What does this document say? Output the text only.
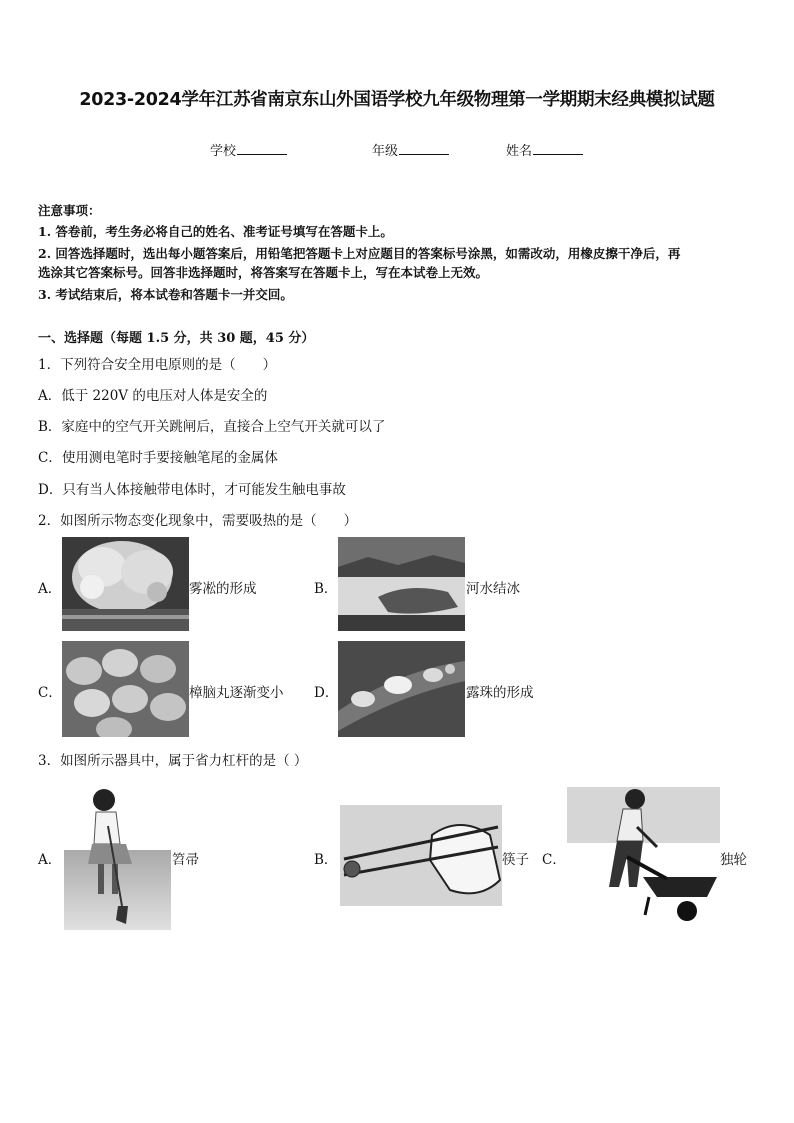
2023-2024学年江苏省南京东山外国语学校九年级物理第一学期期末经典模拟试题
学校	年级	姓名
注意事项：
1. 答卷前，考生务必将自己的姓名、准考证号填写在答题卡上。
2. 回答选择题时，选出每小题答案后，用铅笔把答题卡上对应题目的答案标号涂黑，如需改动，用橡皮擦干净后，再
选涂其它答案标号。回答非选择题时，将答案写在答题卡上，写在本试卷上无效。
3. 考试结束后，将本试卷和答题卡一并交回。
一、选择题（每题 1.5 分，共 30 题，45 分）
1．下列符合安全用电原则的是（　　）
A．低于 220V 的电压对人体是安全的
B．家庭中的空气开关跳闸后，直接合上空气开关就可以了
C．使用测电笔时手要接触笔尾的金属体
D．只有当人体接触带电体时，才可能发生触电事故
2．如图所示物态变化现象中，需要吸热的是（　　）
A．	雾凇的形成	B．	河水结冰
C．	樟脑丸逐渐变小 D．	露珠的形成
3．如图所示器具中，属于省力杠杆的是（ ）
A．	笤帚	B．	筷子 C．	独轮
